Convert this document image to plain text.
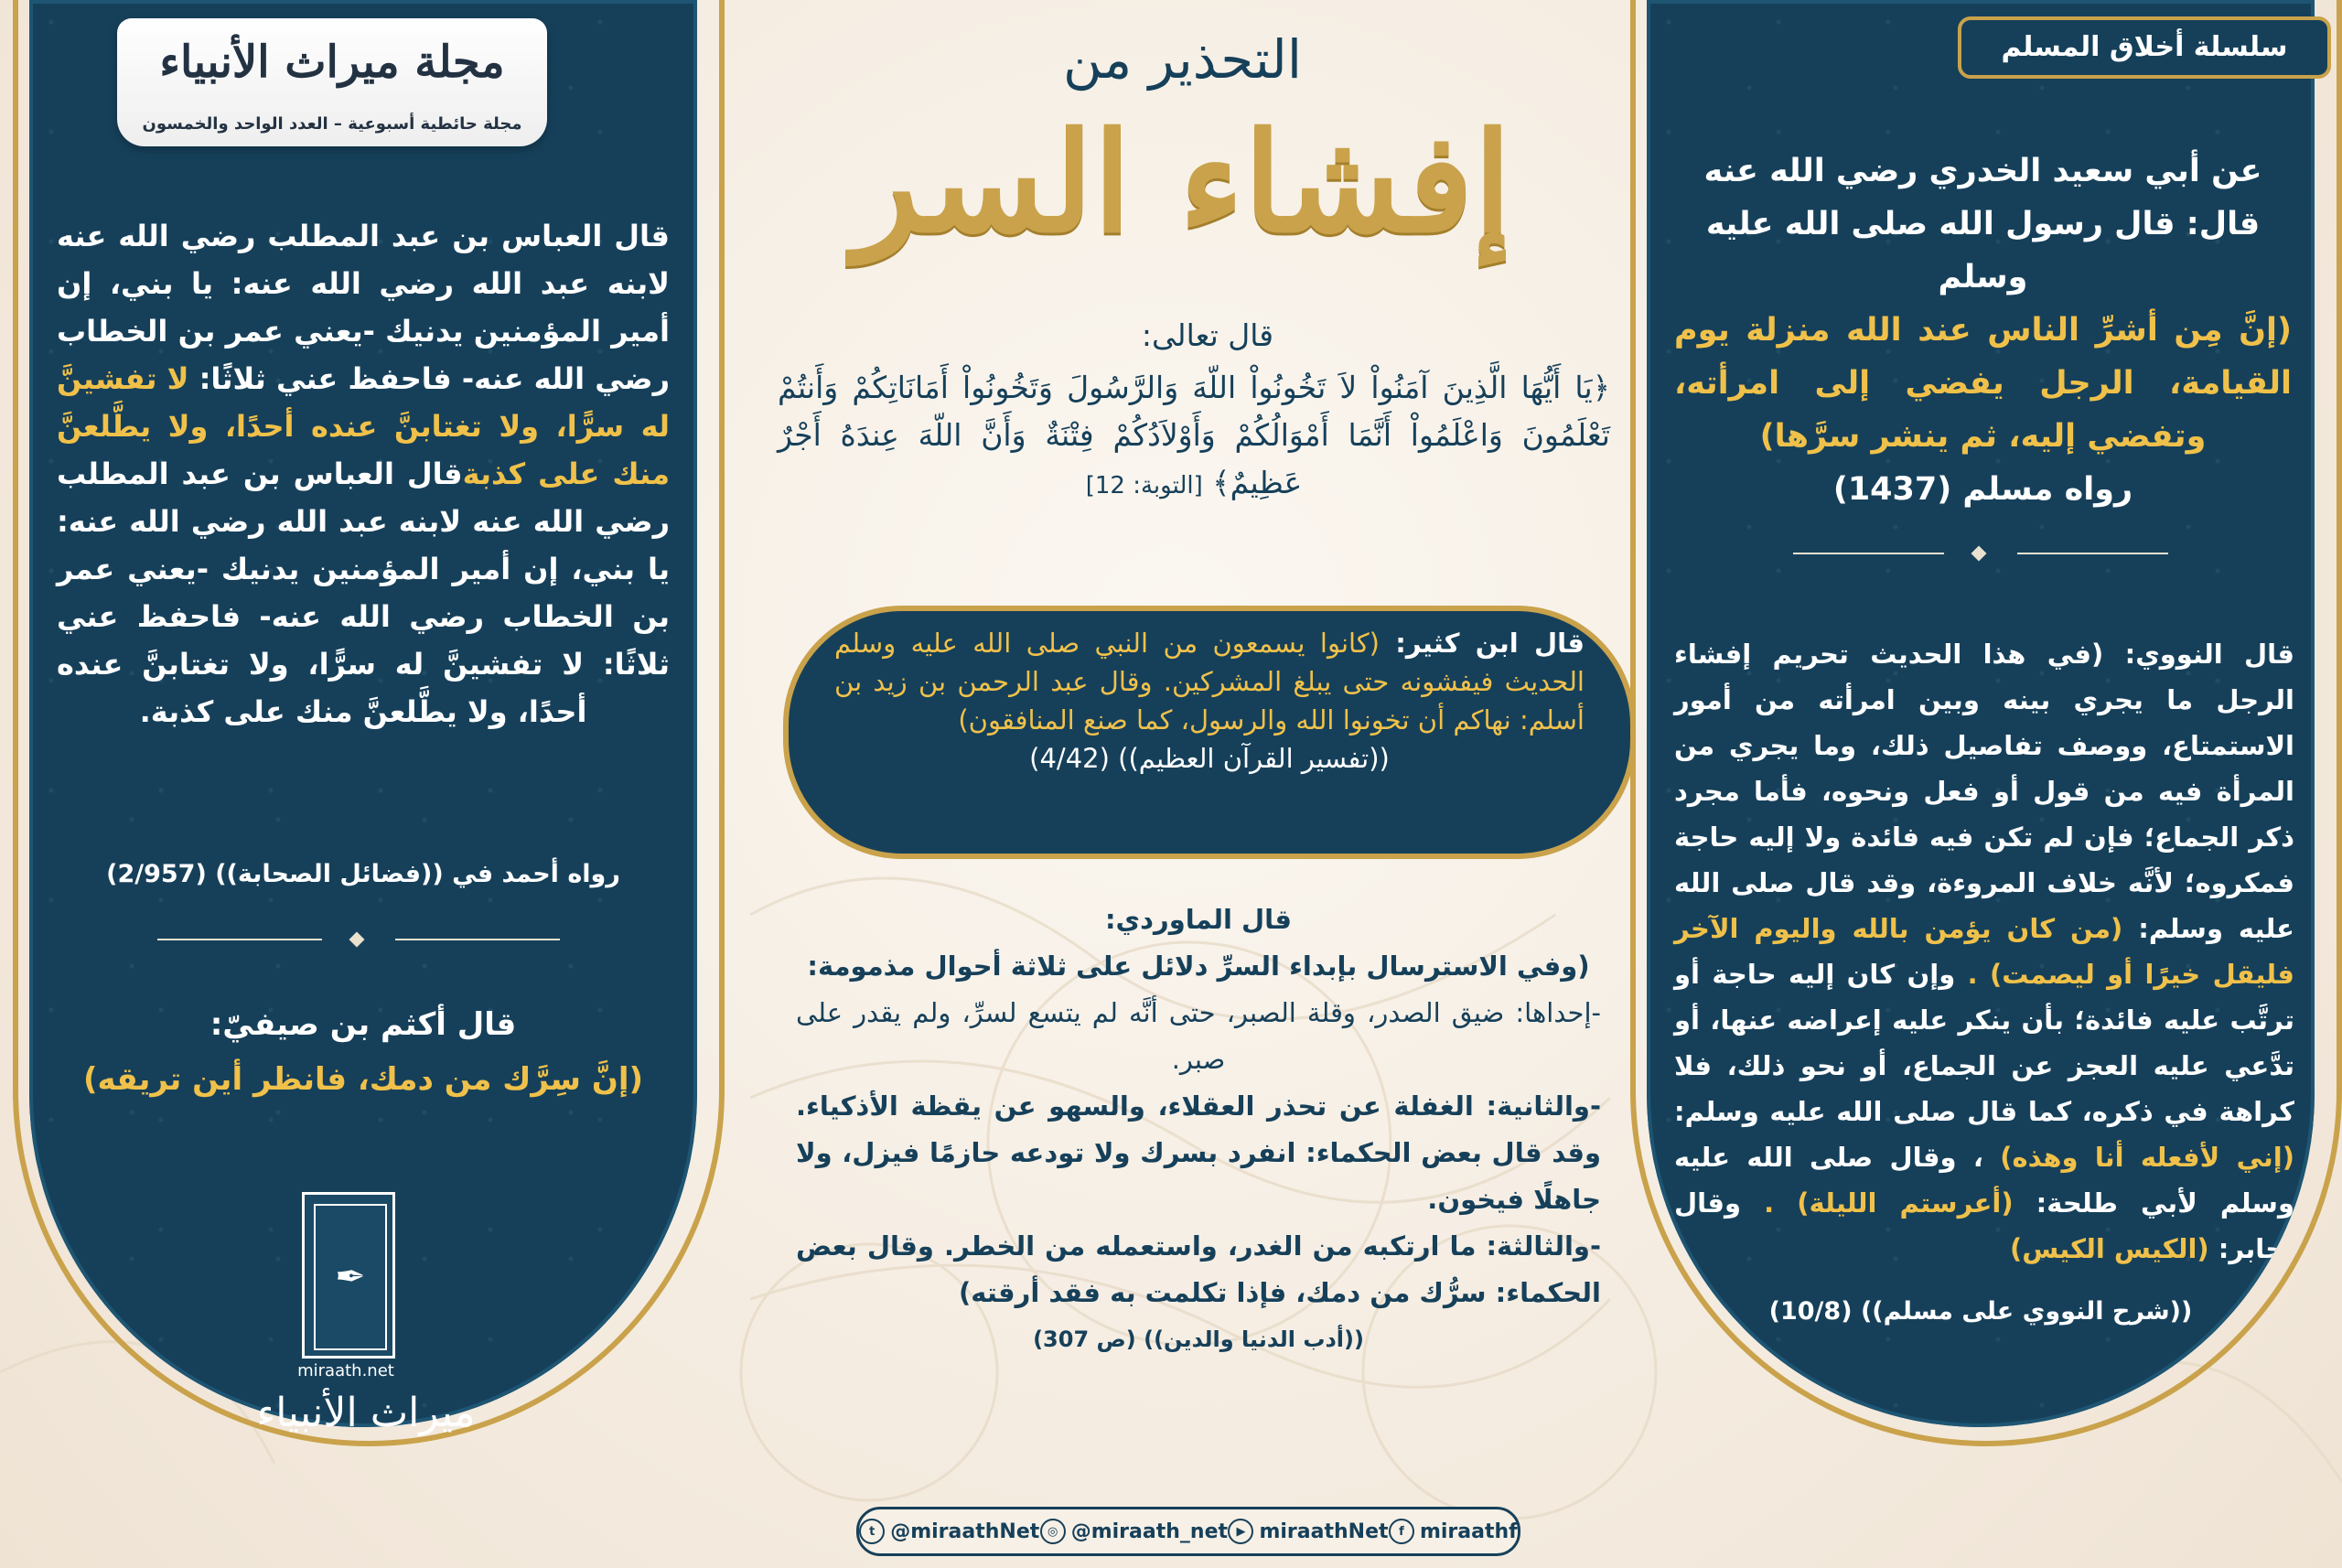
عن أبي سعيد الخدري رضي الله عنه
قال: قال رسول الله صلى الله عليه وسلم
(إنَّ مِن أشرِّ الناس عند الله منزلة يوم القيامة، الرجل يفضي إلى امرأته، وتفضي إليه، ثم ينشر سرَّها)
رواه مسلم (1437)
قال النووي: (في هذا الحديث تحريم إفشاء الرجل ما يجري بينه وبين امرأته من أمور الاستمتاع، ووصف تفاصيل ذلك، وما يجري من المرأة فيه من قول أو فعل ونحوه، فأما مجرد ذكر الجماع؛ فإن لم تكن فيه فائدة ولا إليه حاجة فمكروه؛ لأنَّه خلاف المروءة، وقد قال صلى الله عليه وسلم: (من كان يؤمن بالله واليوم الآخر فليقل خيرًا أو ليصمت) . وإن كان إليه حاجة أو ترتَّب عليه فائدة؛ بأن ينكر عليه إعراضه عنها، أو تدَّعي عليه العجز عن الجماع، أو نحو ذلك، فلا كراهة في ذكره، كما قال صلى الله عليه وسلم: (إني لأفعله أنا وهذه) ، وقال صلى الله عليه وسلم لأبي طلحة: (أعرستم الليلة) . وقال لجابر: (الكيس الكيس)
((شرح النووي على مسلم)) (10/8)
سلسلة أخلاق المسلم
قال العباس بن عبد المطلب رضي الله عنه لابنه عبد الله رضي الله عنه: يا بني، إن أمير المؤمنين يدنيك -يعني عمر بن الخطاب رضي الله عنه- فاحفظ عني ثلاثًا: لا تفشينَّ له سرًّا، ولا تغتابنَّ عنده أحدًا، ولا يطَّلعنَّ منك على كذبةقال العباس بن عبد المطلب رضي الله عنه لابنه عبد الله رضي الله عنه: يا بني، إن أمير المؤمنين يدنيك -يعني عمر بن الخطاب رضي الله عنه- فاحفظ عني ثلاثًا: لا تفشينَّ له سرًّا، ولا تغتابنَّ عنده أحدًا، ولا يطَّلعنَّ منك على كذبة.
رواه أحمد في ((فضائل الصحابة)) (2/957)
قال أكثم بن صيفيّ:
(إنَّ سِرَّك من دمك، فانظر أين تريقه)
✒
miraath.net
ميراث الأنبياء
مجلة ميراث الأنبياء
مجلة حائطية أسبوعية – العدد الواحد والخمسون
التحذير من
إفشاء السر
قال تعالى:
﴿يَا أَيُّهَا الَّذِينَ آمَنُواْ لاَ تَخُونُواْ اللّهَ وَالرَّسُولَ وَتَخُونُواْ أَمَانَاتِكُمْ وَأَنتُمْ تَعْلَمُونَ وَاعْلَمُواْ أَنَّمَا أَمْوَالُكُمْ وَأَوْلاَدُكُمْ فِتْنَةٌ وَأَنَّ اللّهَ عِندَهُ أَجْرٌ عَظِيمٌ﴾ [التوبة: 12]
قال ابن كثير: (كانوا يسمعون من النبي صلى الله عليه وسلم الحديث فيفشونه حتى يبلغ المشركين. وقال عبد الرحمن بن زيد بن أسلم: نهاكم أن تخونوا الله والرسول، كما صنع المنافقون)
((تفسير القرآن العظيم)) (4/42)
قال الماوردي:
(وفي الاسترسال بإبداء السرِّ دلائل على ثلاثة أحوال مذمومة:
-إحداها: ضيق الصدر، وقلة الصبر، حتى أنَّه لم يتسع لسرِّ، ولم يقدر على صبر.
-والثانية: الغفلة عن تحذر العقلاء، والسهو عن يقظة الأذكياء. وقد قال بعض الحكماء: انفرد بسرك ولا تودعه حازمًا فيزل، ولا جاهلًا فيخون.
-والثالثة: ما ارتكبه من الغدر، واستعمله من الخطر. وقال بعض الحكماء: سرُّك من دمك، فإذا تكلمت به فقد أرقته)
((أدب الدنيا والدين)) (ص 307)
t @miraathNet ◎ @miraath_net ▶ miraathNet f miraathf
